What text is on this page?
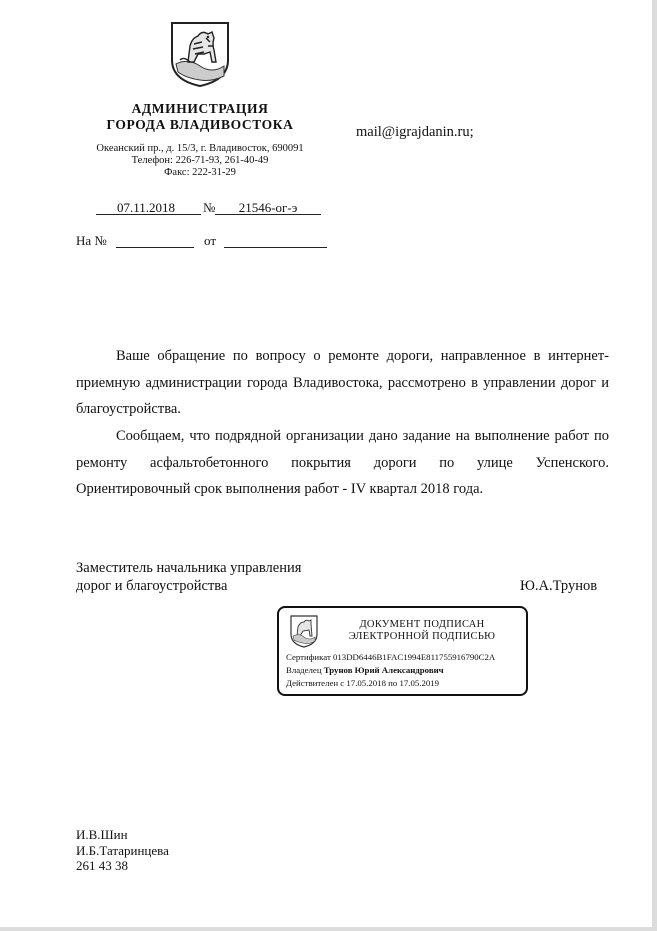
АДМИНИСТРАЦИЯ
ГОРОДА ВЛАДИВОСТОКА
Океанский пр., д. 15/3, г. Владивосток, 690091
Телефон: 226-71-93, 261-40-49
Факс: 222-31-29
mail@igrajdanin.ru;
07.11.2018	№	21546-ог-э
На №	от
Ваше обращение по вопросу о ремонте дороги, направленное в интернет-приемную администрации города Владивостока, рассмотрено в управлении дорог и благоустройства.
Сообщаем, что подрядной организации дано задание на выполнение работ по ремонту асфальтобетонного покрытия дороги по улице Успенского. Ориентировочный срок выполнения работ - IV квартал 2018 года.
Заместитель начальника управления
дорог и благоустройства	Ю.А.Трунов
ДОКУМЕНТ ПОДПИСАН
ЭЛЕКТРОННОЙ ПОДПИСЬЮ
Сертификат 013DD6446B1FAC1994E811755916790C2A
Владелец Трунов Юрий Александрович
Действителен с 17.05.2018 по 17.05.2019
И.В.Шин
И.Б.Татаринцева
261 43 38
